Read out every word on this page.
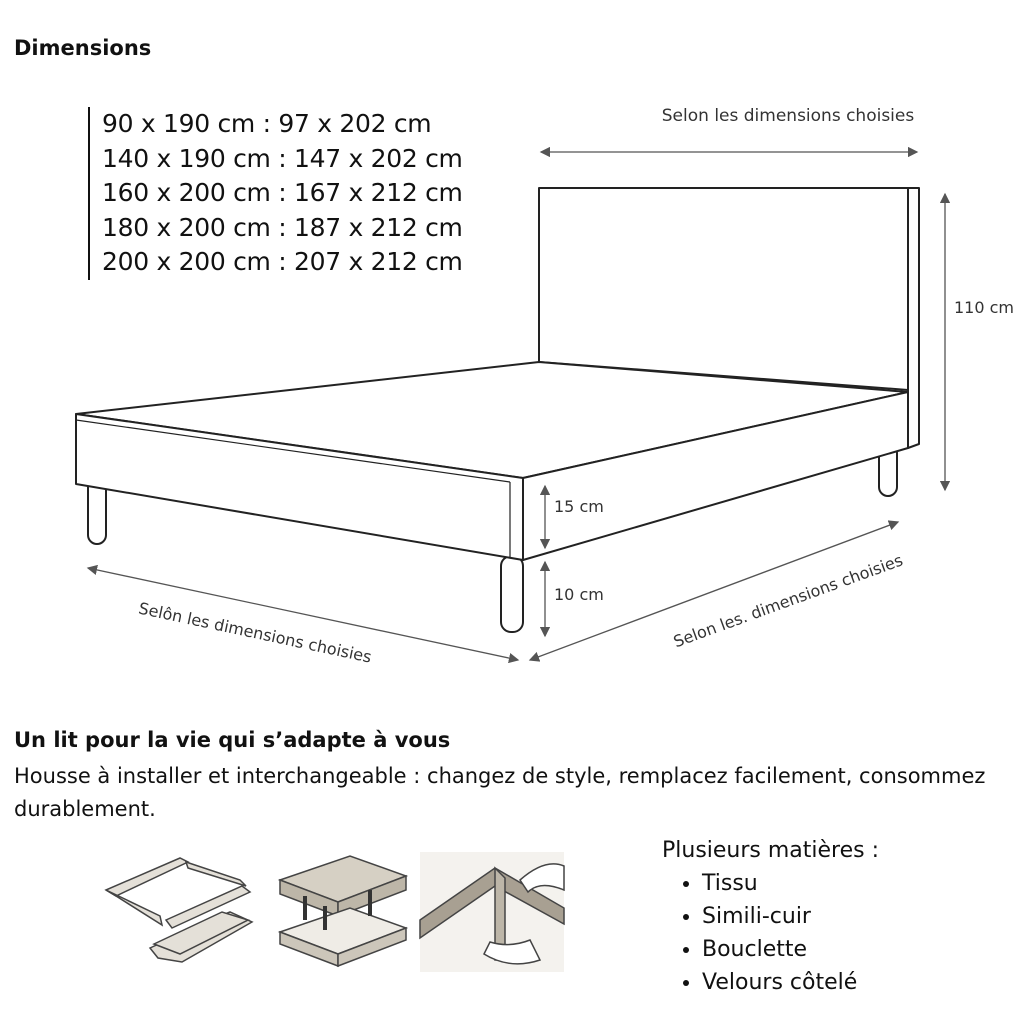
Dimensions
90 x 190 cm : 97 x 202 cm
140 x 190 cm : 147 x 202 cm
160 x 200 cm : 167 x 212 cm
180 x 200 cm : 187 x 212 cm
200 x 200 cm : 207 x 212 cm
Selon les dimensions choisies
110 cm
15 cm
10 cm
Selôn les dimensions choisies	Selon les. dimensions choisies
Un lit pour la vie qui s’adapte à vous
Housse à installer et interchangeable : changez de style, remplacez facilement, consommez durablement.
Plusieurs matières :
• Tissu
• Simili-cuir
• Bouclette
• Velours côtelé
